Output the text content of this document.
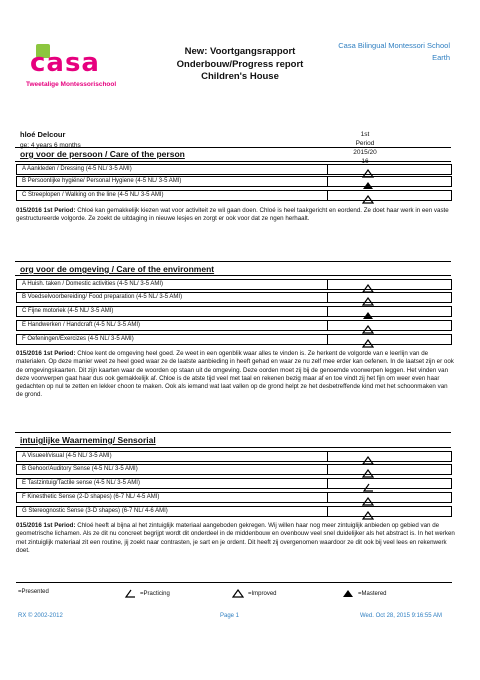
casa
Tweetalige Montessorischool
New: Voortgangsrapport
Onderbouw/Progress report
Children's House
Casa Bilingual Montessori School
Earth
hloé Delcour
ge: 4 years 6 months
1st
Period
2015/20
16
org voor de persoon / Care of the person
A Aankleden / Dressing (4-5 NL/ 3-5 AMI)
B Persoonlijke hygiëne/ Personal Hygiene (4-5 NL/ 3-5 AMI)
C Streeplopen / Walking on the line (4-5 NL/ 3-5 AMI)
015/2016 1st Period: Chloé kan gemakkelijk kiezen wat voor activiteit ze wil gaan doen. Chloé is heel taakgericht en eordend. Ze doet haar werk in een vaste gestructureerde volgorde. Ze zoekt de uitdaging in nieuwe lesjes en zorgt er ook voor dat ze ngen herhaalt.
org voor de omgeving / Care of the environment
A Huish. taken / Domestic activities (4-5 NL/ 3-5 AMI)
B Voedselvoorbereiding/ Food preparation (4-5 NL/ 3-5 AMI)
C Fijne motoriek (4-5 NL/ 3-5 AMI)
E Handwerken / Handcraft (4-5 NL/ 3-5 AMI)
F Oefeningen/Exercizes (4-5 NL/ 3-5 AMI)
015/2016 1st Period: Chloe kent de omgeving heel goed. Ze weet in een ogenblik waar alles te vinden is. Ze herkent de volgorde van e leerlijn van de materialen. Op deze manier weet ze heel goed waar ze de laatste aanbieding in heeft gehad en waar ze nu zelf mee erder kan oefenen. In de laatset zijn er ook de omgevingskaarten. Dit zijn kaarten waar de woorden op staan uit de omgeving. Deze oorden moet zij bij de genoemde voorwerpen leggen. Het vinden van deze voorwerpen gaat haar dus ook gemakkelijk af. Chloe is de atste tijd veel met taal en rekenen bezig maar af en toe vindt zij het fijn om weer even haar gedachten op nul te zetten en lekker choon te maken. Ook als iemand wat laat vallen op de grond helpt ze het desbetreffende kind met het schoonmaken van de grond.
intuiglijke Waarneming/ Sensorial
A Visueel/visual (4-5 NL/ 3-5 AMI)
B Gehoor/Auditory Sense (4-5 NL/ 3-5 AMI)
E Tastzintuig/Tactile sense (4-5 NL/ 3-5 AMI)
F Kinesthetic Sense (2-D shapes) (6-7 NL/ 4-5 AMI)
G Stereognostic Sense (3-D shapes) (6-7 NL/ 4-6 AMI)
015/2016 1st Period: Chloé heeft al bijna al het zintuiglijk materiaal aangeboden gekregen. Wij willen haar nog meer zintuiglijk anbieden op gebied van de geometrische lichamen. Als ze dit nu concreet begrijpt wordt dit onderdeel in de middenbouw en ovenbouw veel snel duidelijker als het abstract is. In het werken met zintuiglijk materiaal zit een routine, jij zoekt naar contrasten, je sart en je ordent. Dit heeft zij overgenomen waardoor ze dit ook bij veel lees en rekenwerk doet.
=Presented	=Practicing	=Improved	=Mastered
RX © 2002-2012	Page 1	Wed. Oct 28, 2015 9:16:55 AM
